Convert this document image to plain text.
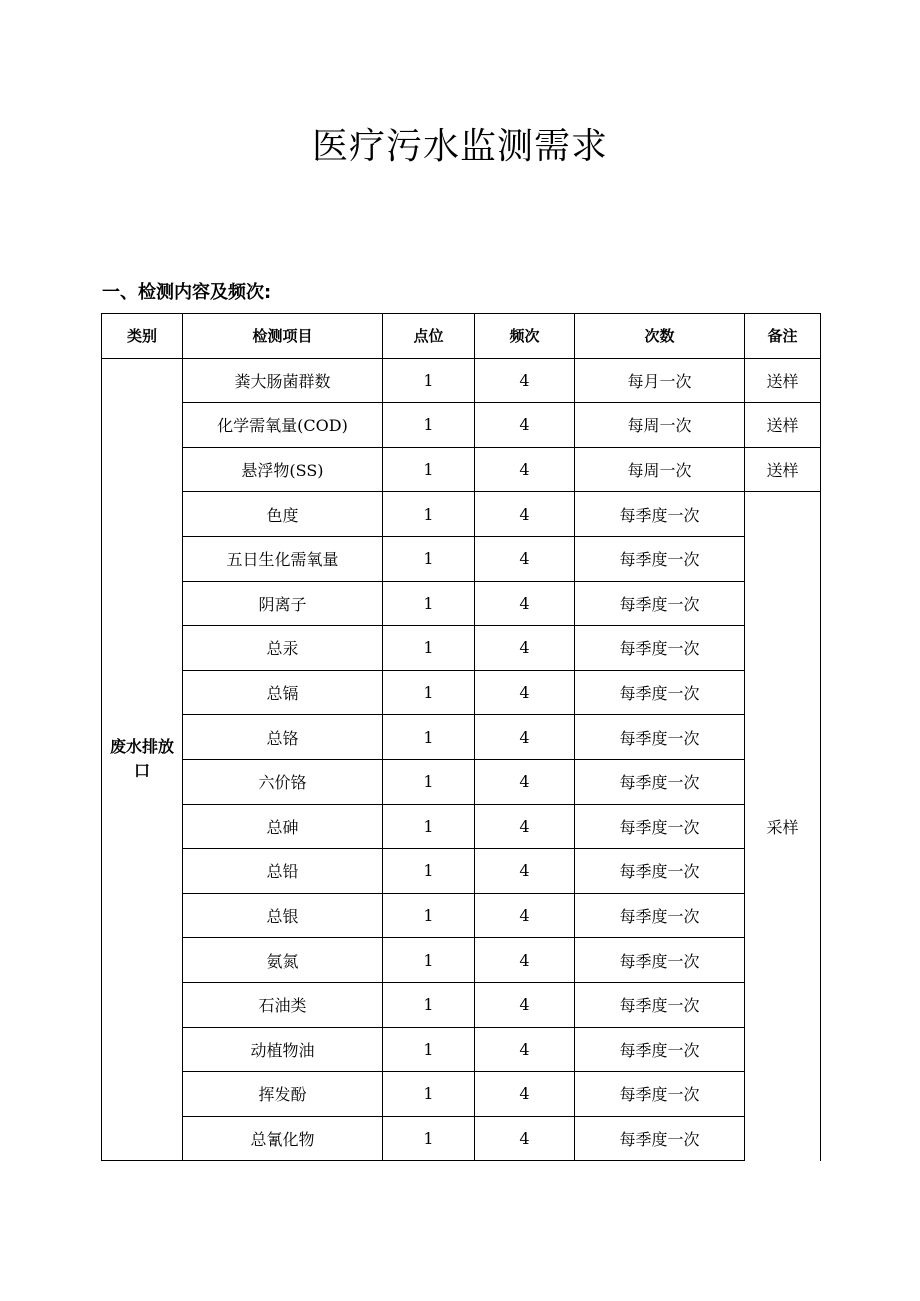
医疗污水监测需求
一、检测内容及频次:
类别	检测项目	点位	频次	次数	备注
废水排放口	粪大肠菌群数	1	4	每月一次	送样
	化学需氧量(COD)	1	4	每周一次	送样
	悬浮物(SS)	1	4	每周一次	送样
	色度	1	4	每季度一次	采样
	五日生化需氧量	1	4	每季度一次	
	阴离子	1	4	每季度一次	
	总汞	1	4	每季度一次	
	总镉	1	4	每季度一次	
	总铬	1	4	每季度一次	
	六价铬	1	4	每季度一次	
	总砷	1	4	每季度一次	
	总铅	1	4	每季度一次	
	总银	1	4	每季度一次	
	氨氮	1	4	每季度一次	
	石油类	1	4	每季度一次	
	动植物油	1	4	每季度一次	
	挥发酚	1	4	每季度一次	
	总氰化物	1	4	每季度一次	
